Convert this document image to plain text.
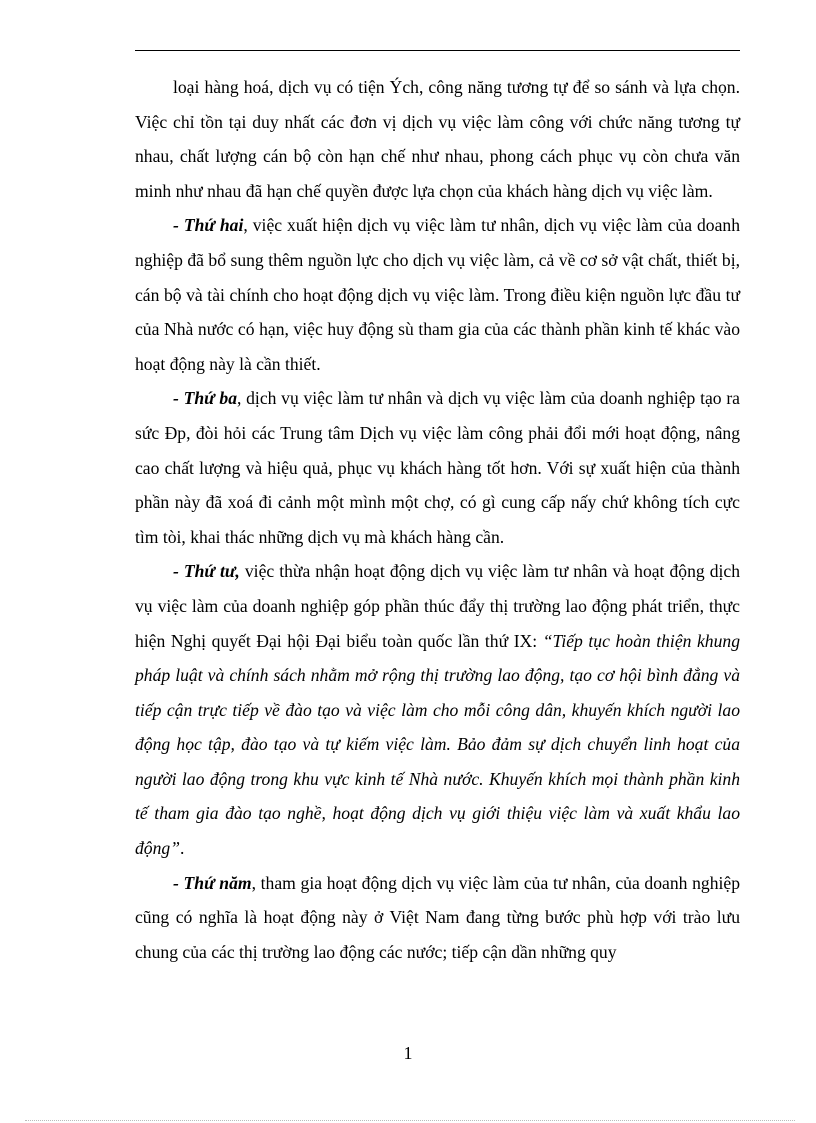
loại hàng hoá, dịch vụ có tiện Ých, công năng tương tự để so sánh và lựa chọn. Việc chỉ tồn tại duy nhất các đơn vị dịch vụ việc làm công với chức năng tương tự nhau, chất lượng cán bộ còn hạn chế như nhau, phong cách phục vụ còn chưa văn minh như nhau đã hạn chế quyền được lựa chọn của khách hàng dịch vụ việc làm.

- Thứ hai, việc xuất hiện dịch vụ việc làm tư nhân, dịch vụ việc làm của doanh nghiệp đã bổ sung thêm nguồn lực cho dịch vụ việc làm, cả về cơ sở vật chất, thiết bị, cán bộ và tài chính cho hoạt động dịch vụ việc làm. Trong điều kiện nguồn lực đầu tư của Nhà nước có hạn, việc huy động sù tham gia của các thành phần kinh tế khác vào hoạt động này là cần thiết.

- Thứ ba, dịch vụ việc làm tư nhân và dịch vụ việc làm của doanh nghiệp tạo ra sức Ðp, đòi hỏi các Trung tâm Dịch vụ việc làm công phải đổi mới hoạt động, nâng cao chất lượng và hiệu quả, phục vụ khách hàng tốt hơn. Với sự xuất hiện của thành phần này đã xoá đi cảnh một mình một chợ, có gì cung cấp nấy chứ không tích cực tìm tòi, khai thác những dịch vụ mà khách hàng cần.

- Thứ tư, việc thừa nhận hoạt động dịch vụ việc làm tư nhân và hoạt động dịch vụ việc làm của doanh nghiệp góp phần thúc đẩy thị trường lao động phát triển, thực hiện Nghị quyết Đại hội Đại biểu toàn quốc lần thứ IX: “Tiếp tục hoàn thiện khung pháp luật và chính sách nhằm mở rộng thị trường lao động, tạo cơ hội bình đẳng và tiếp cận trực tiếp về đào tạo và việc làm cho mỗi công dân, khuyến khích người lao động học tập, đào tạo và tự kiếm việc làm. Bảo đảm sự dịch chuyển linh hoạt của người lao động trong khu vực kinh tế Nhà nước. Khuyến khích mọi thành phần kinh tế tham gia đào tạo nghề, hoạt động dịch vụ giới thiệu việc làm và xuất khẩu lao động”.

- Thứ năm, tham gia hoạt động dịch vụ việc làm của tư nhân, của doanh nghiệp cũng có nghĩa là hoạt động này ở Việt Nam đang từng bước phù hợp với trào lưu chung của các thị trường lao động các nước; tiếp cận dần những quy

1
